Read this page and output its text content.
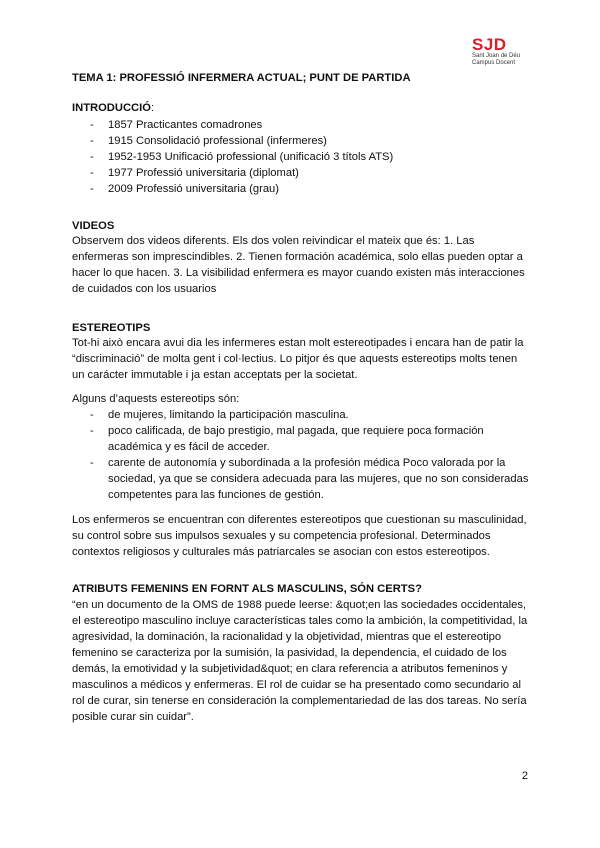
SJD
Sant Joan de Déu
Campus Docent
TEMA 1: PROFESSIÓ INFERMERA ACTUAL; PUNT DE PARTIDA
INTRODUCCIÓ:
- 1857 Practicantes comadrones
- 1915 Consolidació professional (infermeres)
- 1952-1953 Unificació professional (unificació 3 títols ATS)
- 1977 Professió universitaria (diplomat)
- 2009 Professió universitaria (grau)
VIDEOS
Observem dos videos diferents. Els dos volen reivindicar el mateix que és: 1. Las enfermeras son imprescindibles. 2. Tienen formación académica, solo ellas pueden optar a hacer lo que hacen. 3. La visibilidad enfermera es mayor cuando existen más interacciones de cuidados con los usuarios
ESTEREOTIPS
Tot-hi això encara avui dia les infermeres estan molt estereotipades i encara han de patir la “discriminació” de molta gent i col·lectius. Lo pitjor és que aquests estereotips molts tenen un carácter immutable i ja estan acceptats per la societat.
Alguns d’aquests estereotips són:
- de mujeres, limitando la participación masculina.
- poco calificada, de bajo prestigio, mal pagada, que requiere poca formación académica y es fácil de acceder.
- carente de autonomía y subordinada a la profesión médica Poco valorada por la sociedad, ya que se considera adecuada para las mujeres, que no son consideradas competentes para las funciones de gestión.
Los enfermeros se encuentran con diferentes estereotipos que cuestionan su masculinidad, su control sobre sus impulsos sexuales y su competencia profesional. Determinados contextos religiosos y culturales más patriarcales se asocian con estos estereotipos.
ATRIBUTS FEMENINS EN FORNT ALS MASCULINS, SÓN CERTS?
“en un documento de la OMS de 1988 puede leerse: &quot;en las sociedades occidentales, el estereotipo masculino incluye características tales como la ambición, la competitividad, la agresividad, la dominación, la racionalidad y la objetividad, mientras que el estereotipo femenino se caracteriza por la sumisión, la pasividad, la dependencia, el cuidado de los demás, la emotividad y la subjetividad&quot; en clara referencia a atributos femeninos y masculinos a médicos y enfermeras. El rol de cuidar se ha presentado como secundario al rol de curar, sin tenerse en consideración la complementariedad de las dos tareas. No sería posible curar sin cuidar”.
2
